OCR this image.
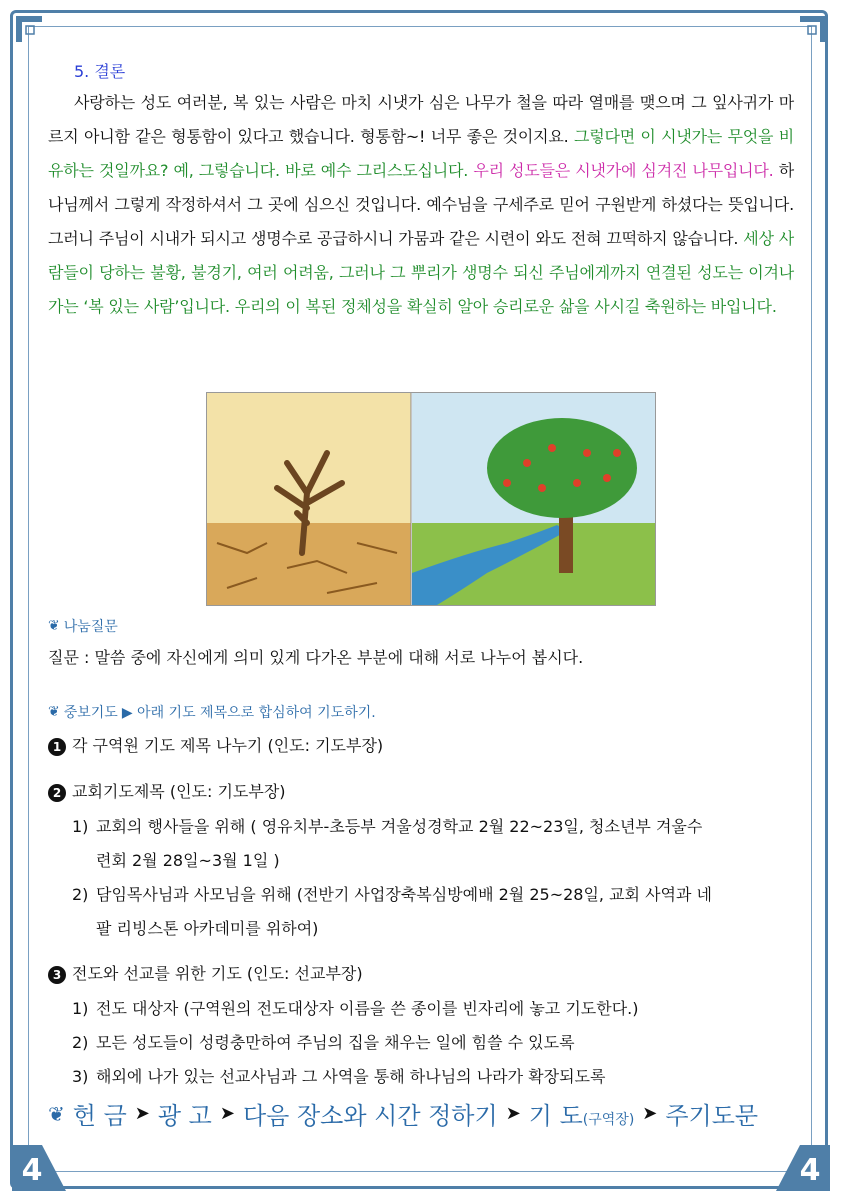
4	4
5. 결론
사랑하는 성도 여러분, 복 있는 사람은 마치 시냇가 심은 나무가 철을 따라 열매를 맺으며 그 잎사귀가 마르지 아니함 같은 형통함이 있다고 했습니다. 형통함~! 너무 좋은 것이지요. 그렇다면 이 시냇가는 무엇을 비유하는 것일까요? 예, 그렇습니다. 바로 예수 그리스도십니다. 우리 성도들은 시냇가에 심겨진 나무입니다. 하나님께서 그렇게 작정하셔서 그 곳에 심으신 것입니다. 예수님을 구세주로 믿어 구원받게 하셨다는 뜻입니다. 그러니 주님이 시내가 되시고 생명수로 공급하시니 가뭄과 같은 시련이 와도 전혀 끄떡하지 않습니다. 세상 사람들이 당하는 불황, 불경기, 여러 어려움, 그러나 그 뿌리가 생명수 되신 주님에게까지 연결된 성도는 이겨나가는 ‘복 있는 사람’입니다. 우리의 이 복된 정체성을 확실히 알아 승리로운 삶을 사시길 축원하는 바입니다.
❦ 나눔질문
질문 : 말씀 중에 자신에게 의미 있게 다가온 부분에 대해 서로 나누어 봅시다.
❦ 중보기도 ▶ 아래 기도 제목으로 합심하여 기도하기.
1 각 구역원 기도 제목 나누기 (인도: 기도부장)
2 교회기도제목 (인도: 기도부장)
1) 교회의 행사들을 위해 ( 영유치부-초등부 겨울성경학교 2월 22~23일, 청소년부 겨울수
련회 2월 28일~3월 1일 )
2) 담임목사님과 사모님을 위해 (전반기 사업장축복심방예배 2월 25~28일, 교회 사역과 네
팔 리빙스톤 아카데미를 위하여)
3 전도와 선교를 위한 기도 (인도: 선교부장)
1) 전도 대상자 (구역원의 전도대상자 이름을 쓴 종이를 빈자리에 놓고 기도한다.)
2) 모든 성도들이 성령충만하여 주님의 집을 채우는 일에 힘쓸 수 있도록
3) 해외에 나가 있는 선교사님과 그 사역을 통해 하나님의 나라가 확장되도록
❦ 헌 금 ➤ 광 고 ➤ 다음 장소와 시간 정하기 ➤ 기 도(구역장) ➤ 주기도문
